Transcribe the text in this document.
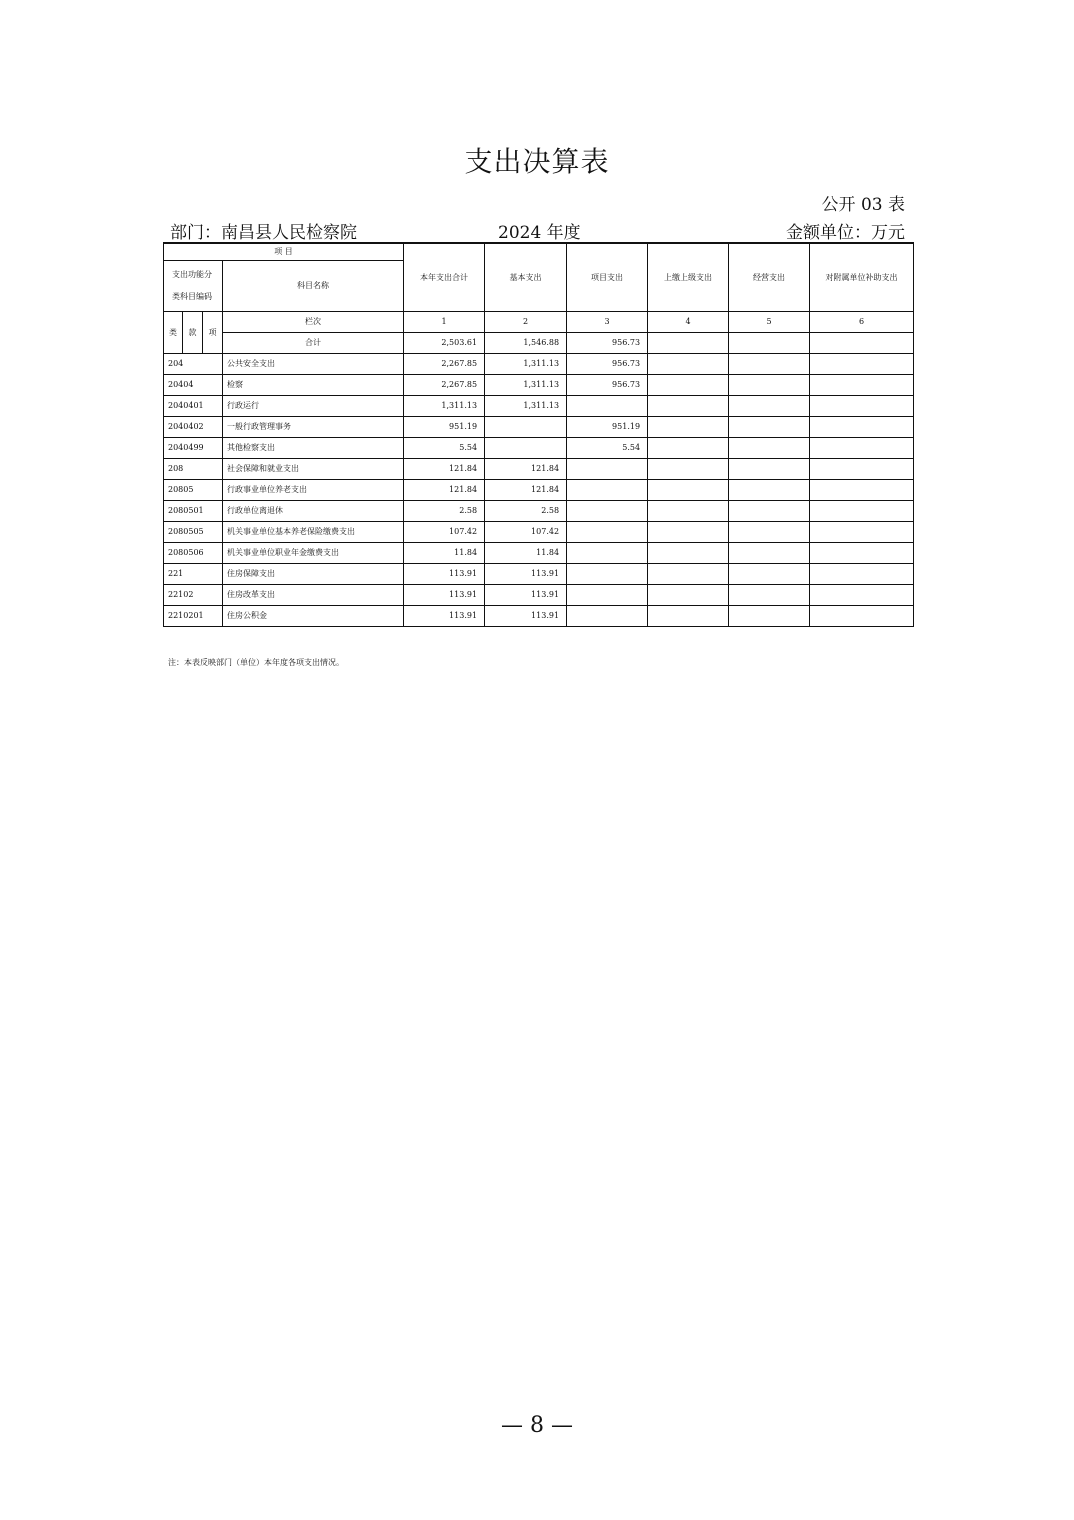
支出决算表
公开 03 表
部门：南昌县人民检察院	2024 年度	金额单位：万元
项 目				本年支出合计	基本支出	项目支出	上缴上级支出	经营支出	对附属单位补助支出
支出功能分类科目编码			科目名称						
类	款	项	栏次	1	2	3	4	5	6
			合计	2,503.61	1,546.88	956.73			
204			公共安全支出	2,267.85	1,311.13	956.73			
20404			检察	2,267.85	1,311.13	956.73			
2040401			行政运行	1,311.13	1,311.13				
2040402			一般行政管理事务	951.19		951.19			
2040499			其他检察支出	5.54		5.54			
208			社会保障和就业支出	121.84	121.84				
20805			行政事业单位养老支出	121.84	121.84				
2080501			行政单位离退休	2.58	2.58				
2080505			机关事业单位基本养老保险缴费支出	107.42	107.42				
2080506			机关事业单位职业年金缴费支出	11.84	11.84				
221			住房保障支出	113.91	113.91				
22102			住房改革支出	113.91	113.91				
2210201			住房公积金	113.91	113.91				
注：本表反映部门（单位）本年度各项支出情况。
— 8 —
